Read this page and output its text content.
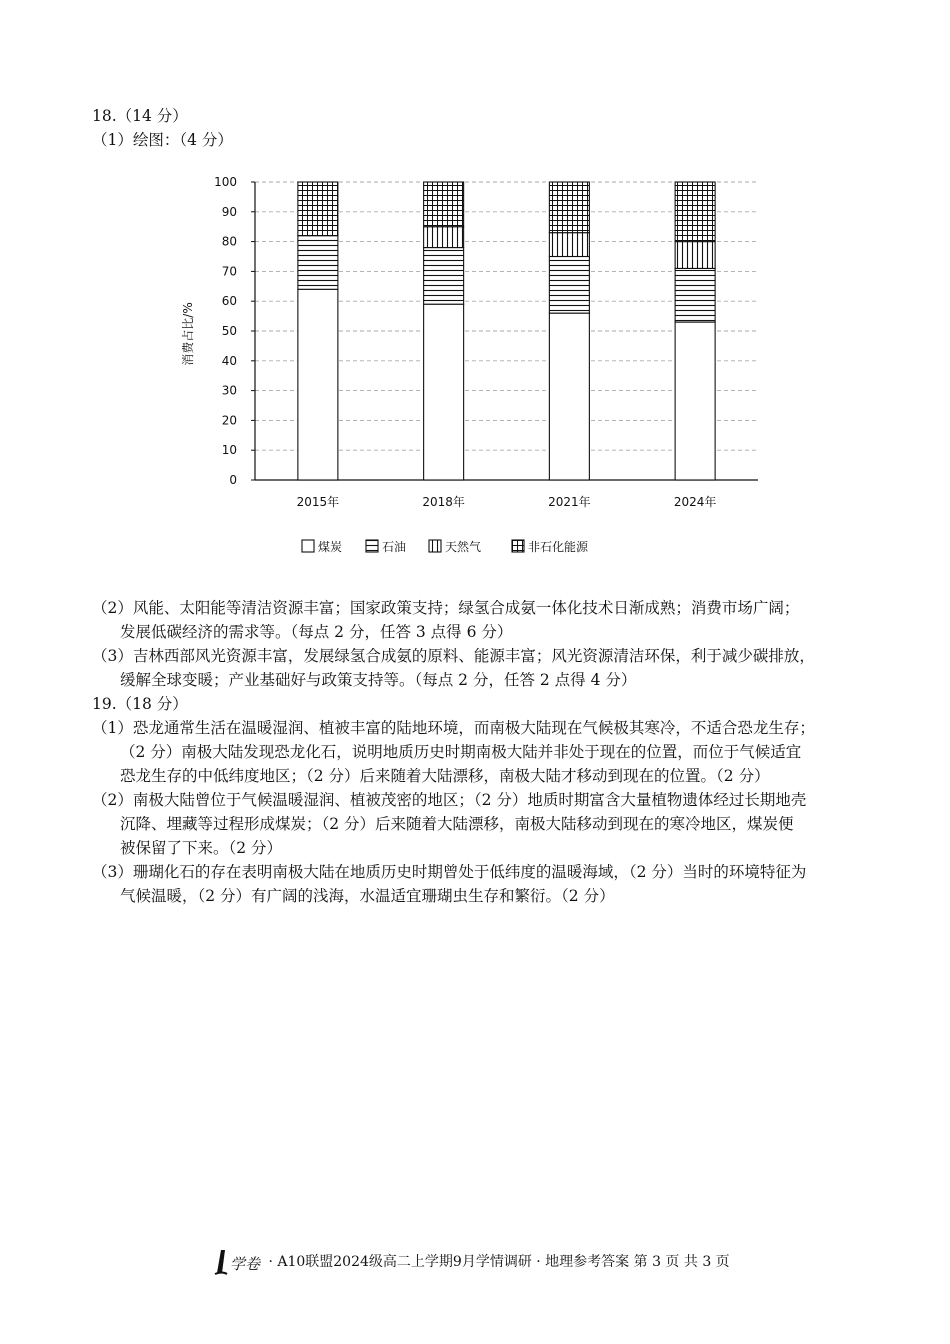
18.（14 分）
（1）绘图：（4 分）
0
10
20
30
40
50
60
70
80
90
100
2015年	2018年	2021年	2024年
消费占比/%
煤炭	石油	天然气	非石化能源
（2）风能、太阳能等清洁资源丰富；国家政策支持；绿氢合成氨一体化技术日渐成熟；消费市场广阔；
发展低碳经济的需求等。（每点 2 分，任答 3 点得 6 分）
（3）吉林西部风光资源丰富，发展绿氢合成氨的原料、能源丰富；风光资源清洁环保，利于减少碳排放，
缓解全球变暖；产业基础好与政策支持等。（每点 2 分，任答 2 点得 4 分）
19.（18 分）
（1）恐龙通常生活在温暖湿润、植被丰富的陆地环境，而南极大陆现在气候极其寒冷，不适合恐龙生存；
（2 分）南极大陆发现恐龙化石，说明地质历史时期南极大陆并非处于现在的位置，而位于气候适宜
恐龙生存的中低纬度地区；（2 分）后来随着大陆漂移，南极大陆才移动到现在的位置。（2 分）
（2）南极大陆曾位于气候温暖湿润、植被茂密的地区；（2 分）地质时期富含大量植物遗体经过长期地壳
沉降、埋藏等过程形成煤炭；（2 分）后来随着大陆漂移，南极大陆移动到现在的寒冷地区，煤炭便
被保留了下来。（2 分）
（3）珊瑚化石的存在表明南极大陆在地质历史时期曾处于低纬度的温暖海域，（2 分）当时的环境特征为
气候温暖，（2 分）有广阔的浅海，水温适宜珊瑚虫生存和繁衍。（2 分）
学卷 · A10联盟2024级高二上学期9月学情调研 · 地理参考答案 第 3 页 共 3 页
